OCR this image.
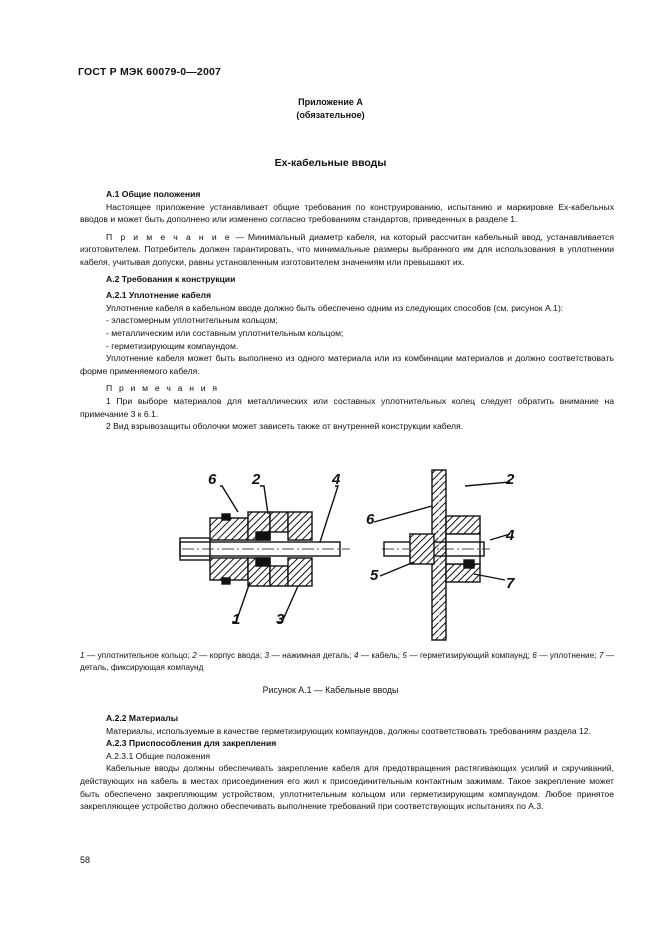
ГОСТ Р МЭК 60079-0—2007
Приложение А
(обязательное)
Ex-кабельные вводы

А.1 Общие положения

Настоящее приложение устанавливает общие требования по конструированию, испытанию и маркировке Ex-кабельных вводов и может быть дополнено или изменено согласно требованиям стандартов, приведенных в разделе 1.

П р и м е ч а н и е — Минимальный диаметр кабеля, на который рассчитан кабельный ввод, устанавливается изготовителем. Потребитель должен гарантировать, что минимальные размеры выбранного им для использования в уплотнении кабеля, учитывая допуски, равны установленным изготовителем значениям или превышают их.

А.2 Требования к конструкции

А.2.1 Уплотнение кабеля

Уплотнение кабеля в кабельном вводе должно быть обеспечено одним из следующих способов (см. рисунок А.1):

- эластомерным уплотнительным кольцом;

- металлическим или составным уплотнительным кольцом;

- герметизирующим компаундом.

Уплотнение кабеля может быть выполнено из одного материала или из комбинации материалов и должно соответствовать форме применяемого кабеля.

П р и м е ч а н и я

1 При выборе материалов для металлических или составных уплотнительных колец следует обратить внимание на примечание 3 к 6.1.

2 Вид взрывозащиты оболочки может зависеть также от внутренней конструкции кабеля.

6 2	4
1 3
2
6
4
5	7
1 — уплотнительное кольцо; 2 — корпус ввода; 3 — нажимная деталь; 4 — кабель; 5 — герметизирующий компаунд; 6 — уплотнение; 7 — деталь, фиксирующая компаунд
Рисунок А.1 — Кабельные вводы

А.2.2 Материалы

Материалы, используемые в качестве герметизирующих компаундов, должны соответствовать требованиям раздела 12.

А.2.3 Приспособления для закрепления

А.2.3.1 Общие положения

Кабельные вводы должны обеспечивать закрепление кабеля для предотвращения растягивающих усилий и скручиваний, действующих на кабель в местах присоединения его жил к присоединительным контактным зажимам. Такое закрепление может быть обеспечено закрепляющим устройством, уплотнительным кольцом или герметизирующим компаундом. Любое принятое закрепляющее устройство должно обеспечивать выполнение требований при соответствующих испытаниях по А.3.

58
